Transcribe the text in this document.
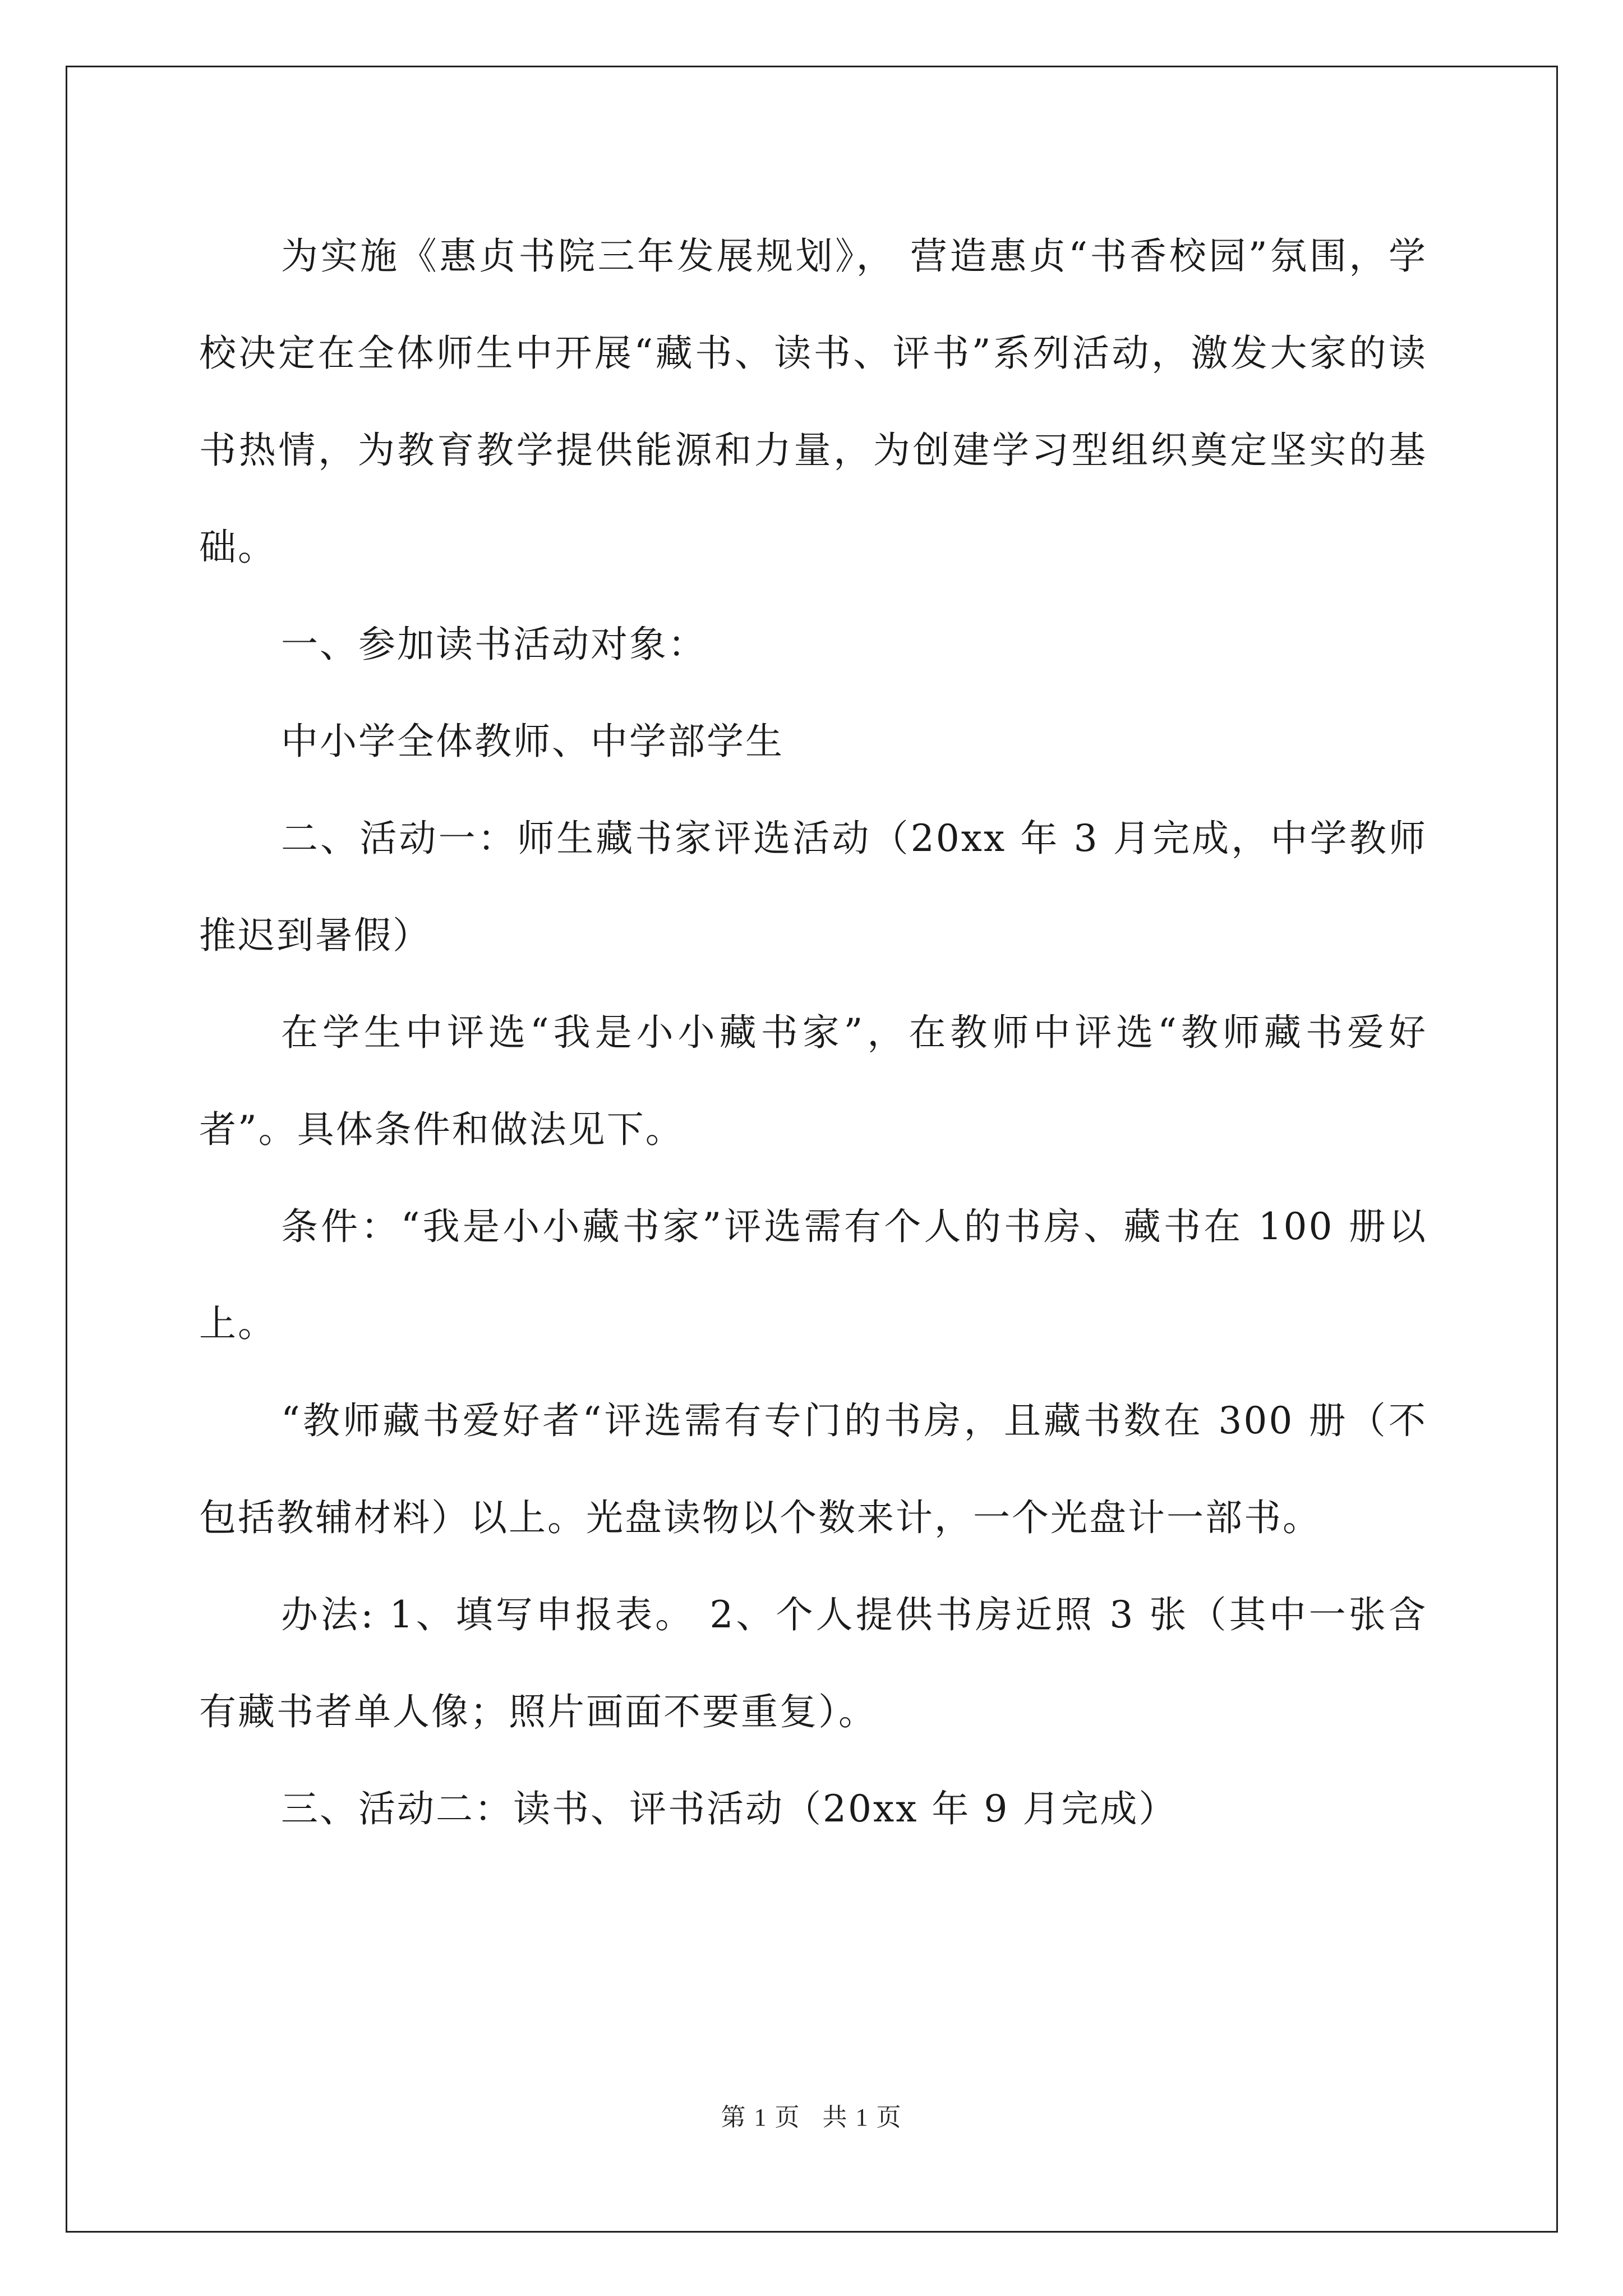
为实施《惠贞书院三年发展规划》， 营造惠贞“书香校园”氛围，学校决定在全体师生中开展“藏书、读书、评书”系列活动，激发大家的读书热情，为教育教学提供能源和力量，为创建学习型组织奠定坚实的基础。

一、参加读书活动对象：

中小学全体教师、中学部学生

二、活动一：师生藏书家评选活动（20xx 年 3 月完成，中学教师推迟到暑假）

在学生中评选“我是小小藏书家”，在教师中评选“教师藏书爱好者”。具体条件和做法见下。

条件：“我是小小藏书家”评选需有个人的书房、藏书在 100 册以上。

“教师藏书爱好者“评选需有专门的书房，且藏书数在 300 册（不包括教辅材料）以上。光盘读物以个数来计，一个光盘计一部书。

办法: 1、填写申报表。 2、个人提供书房近照 3 张（其中一张含有藏书者单人像；照片画面不要重复）。

三、活动二：读书、评书活动（20xx 年 9 月完成）

第 1 页 共 1 页
